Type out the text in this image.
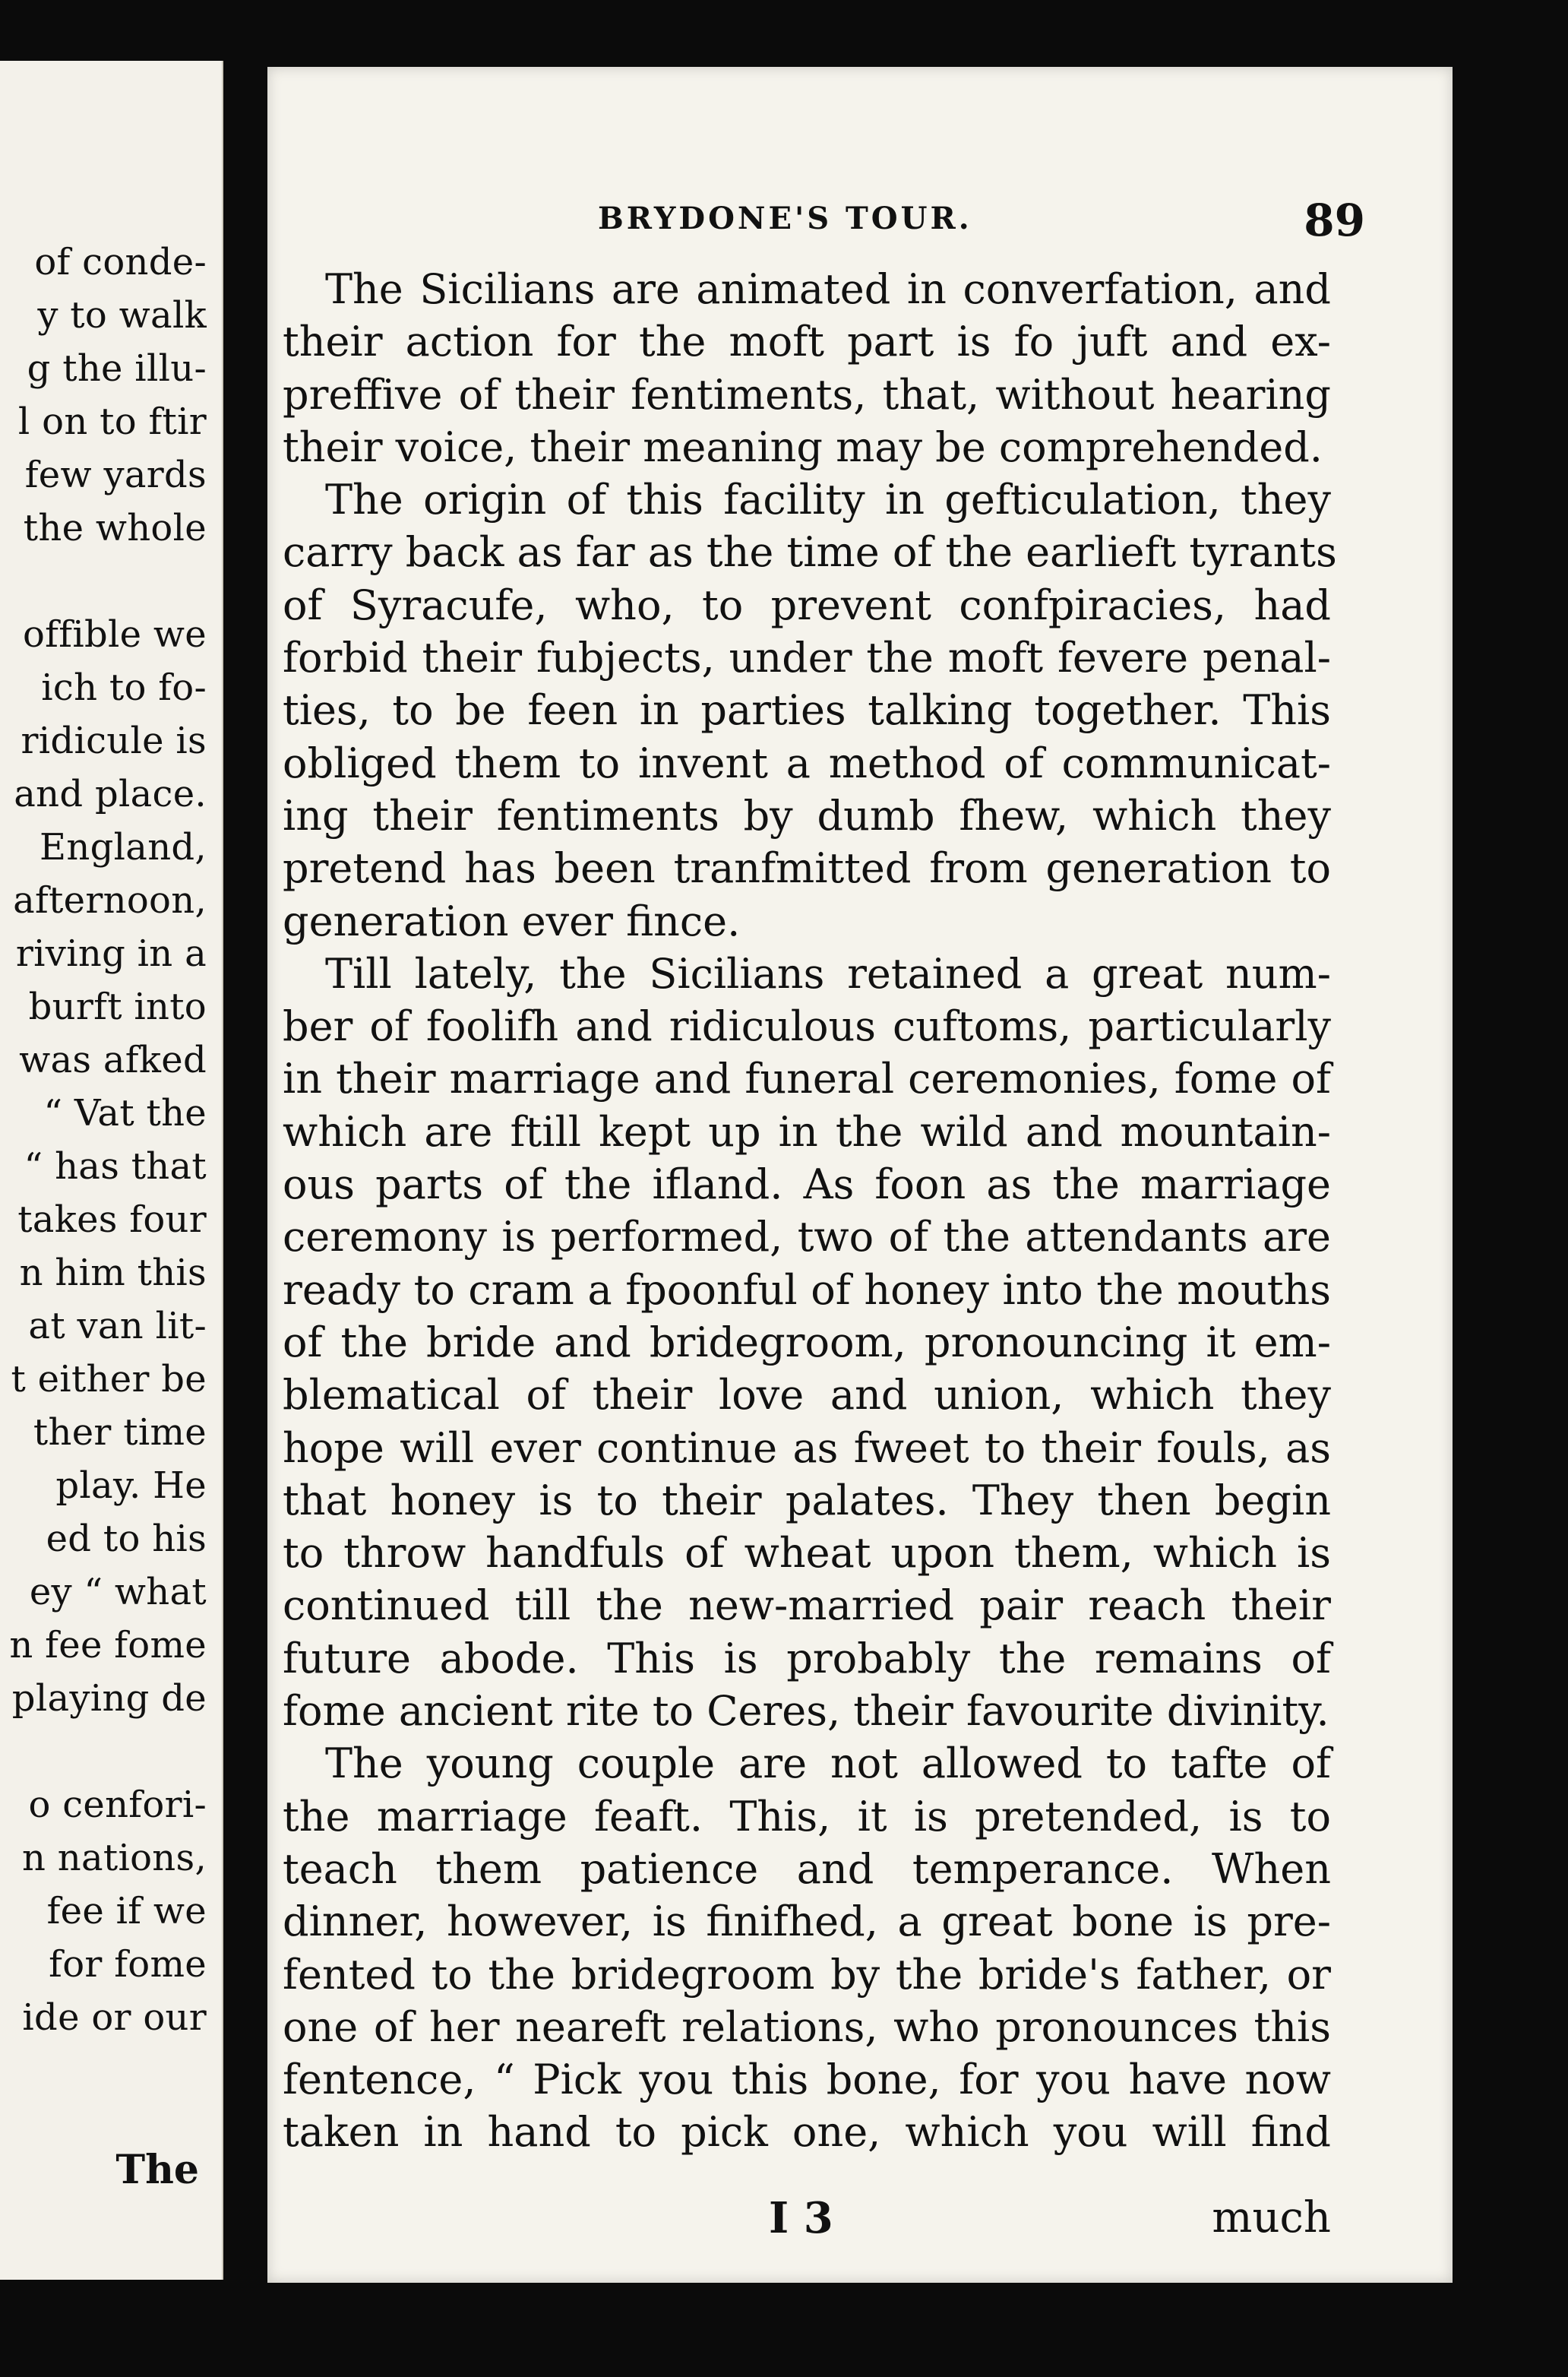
of conde-
y to walk
g the illu-
l on to ftir
few yards
the whole
offible we
ich to fo-
ridicule is
and place.
England,
afternoon,
riving in a
burft into
was afked
“ Vat the
“ has that
takes four
n him this
at van lit-
t either be
ther time
play. He
ed to his
ey “ what
n fee fome
playing de
o cenfori-
n nations,
fee if we
for fome
ide or our
The
BRYDONE'S TOUR.	89
The Sicilians are animated in converfation, and
their action for the moft part is fo juft and ex-
preffive of their fentiments, that, without hearing
their voice, their meaning may be comprehended.
The origin of this facility in gefticulation, they
carry back as far as the time of the earlieft tyrants
of Syracufe, who, to prevent confpiracies, had
forbid their fubjects, under the moft fevere penal-
ties, to be feen in parties talking together. This
obliged them to invent a method of communicat-
ing their fentiments by dumb fhew, which they
pretend has been tranfmitted from generation to
generation ever fince.
Till lately, the Sicilians retained a great num-
ber of foolifh and ridiculous cuftoms, particularly
in their marriage and funeral ceremonies, fome of
which are ftill kept up in the wild and mountain-
ous parts of the ifland. As foon as the marriage
ceremony is performed, two of the attendants are
ready to cram a fpoonful of honey into the mouths
of the bride and bridegroom, pronouncing it em-
blematical of their love and union, which they
hope will ever continue as fweet to their fouls, as
that honey is to their palates. They then begin
to throw handfuls of wheat upon them, which is
continued till the new-married pair reach their
future abode. This is probably the remains of
fome ancient rite to Ceres, their favourite divinity.
The young couple are not allowed to tafte of
the marriage feaft. This, it is pretended, is to
teach them patience and temperance. When
dinner, however, is finifhed, a great bone is pre-
fented to the bridegroom by the bride's father, or
one of her neareft relations, who pronounces this
fentence, “ Pick you this bone, for you have now
taken in hand to pick one, which you will find
I 3	much
